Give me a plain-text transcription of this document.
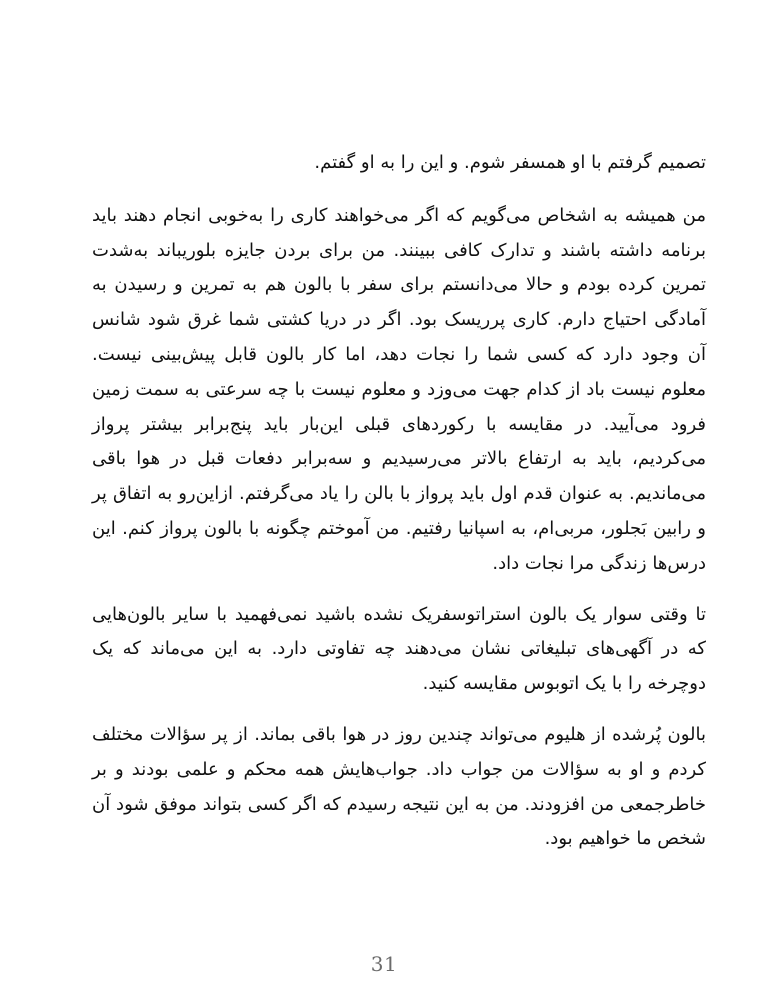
تصمیم گرفتم با او همسفر شوم. و این را به او گفتم.

من همیشه به اشخاص می‌گویم که اگر می‌خواهند کاری را به‌خوبی انجام دهند باید برنامه داشته باشند و تدارک کافی ببینند. من برای بردن جایزه بلوریباند به‌شدت تمرین کرده بودم و حالا می‌دانستم برای سفر با بالون هم به تمرین و رسیدن به آمادگی احتیاج دارم. کاری پرریسک بود. اگر در دریا کشتی شما غرق شود شانس آن وجود دارد که کسی شما را نجات دهد، اما کار بالون قابل پیش‌بینی نیست. معلوم نیست باد از کدام جهت می‌وزد و معلوم نیست با چه سرعتی به سمت زمین فرود می‌آیید. در مقایسه با رکوردهای قبلی این‌بار باید پنج‌برابر بیشتر پرواز می‌کردیم، باید به ارتفاع بالاتر می‌رسیدیم و سه‌برابر دفعات قبل در هوا باقی می‌ماندیم. به عنوان قدم اول باید پرواز با بالن را یاد می‌گرفتم. ازاین‌رو به اتفاق پر و رابین بَجلور، مربی‌ام، به اسپانیا رفتیم. من آموختم چگونه با بالون پرواز کنم. این درس‌ها زندگی مرا نجات داد.

تا وقتی سوار یک بالون استراتوسفریک نشده باشید نمی‌فهمید با سایر بالون‌هایی که در آگهی‌های تبلیغاتی نشان می‌دهند چه تفاوتی دارد. به این می‌ماند که یک دوچرخه را با یک اتوبوس مقایسه کنید.

بالون پُرشده از هلیوم می‌تواند چندین روز در هوا باقی بماند. از پر سؤالات مختلف کردم و او به سؤالات من جواب داد. جواب‌هایش همه محکم و علمی بودند و بر خاطرجمعی من افزودند. من به این نتیجه رسیدم که اگر کسی بتواند موفق شود آن شخص ما خواهیم بود.

31
